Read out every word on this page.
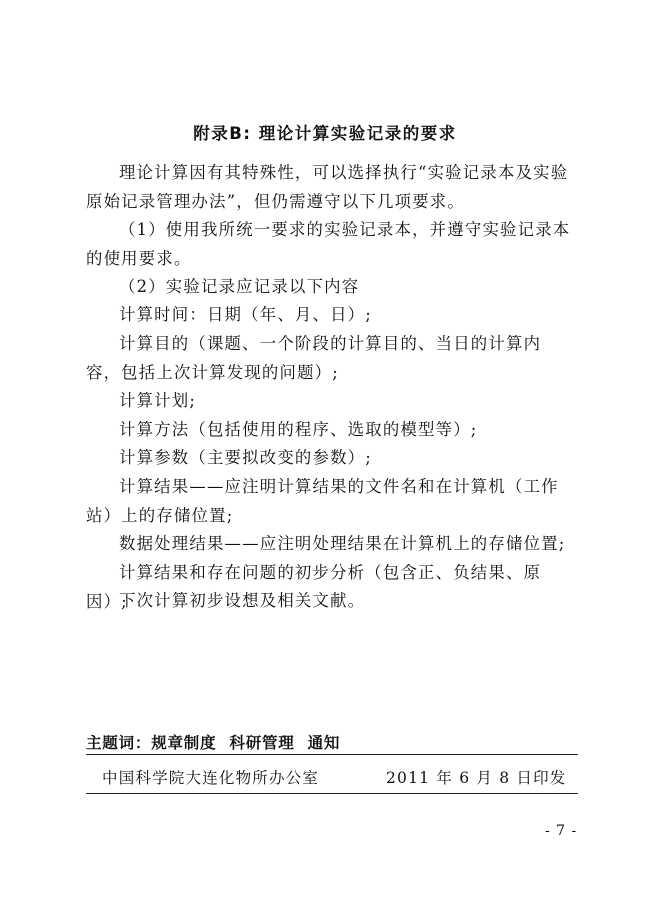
附录B: 理论计算实验记录的要求
理论计算因有其特殊性，可以选择执行“实验记录本及实验原始记录管理办法”，但仍需遵守以下几项要求。
（1）使用我所统一要求的实验记录本，并遵守实验记录本的使用要求。
（2）实验记录应记录以下内容
计算时间：日期（年、月、日）;
计算目的（课题、一个阶段的计算目的、当日的计算内容，包括上次计算发现的问题）;
计算计划;
计算方法（包括使用的程序、选取的模型等）;
计算参数（主要拟改变的参数）;
计算结果——应注明计算结果的文件名和在计算机（工作站）上的存储位置;
数据处理结果——应注明处理结果在计算机上的存储位置;
计算结果和存在问题的初步分析（包含正、负结果、原因）;
下次计算初步设想及相关文献。
主题词：规章制度 科研管理 通知
中国科学院大连化物所办公室	2011 年 6 月 8 日印发
- 7 -
